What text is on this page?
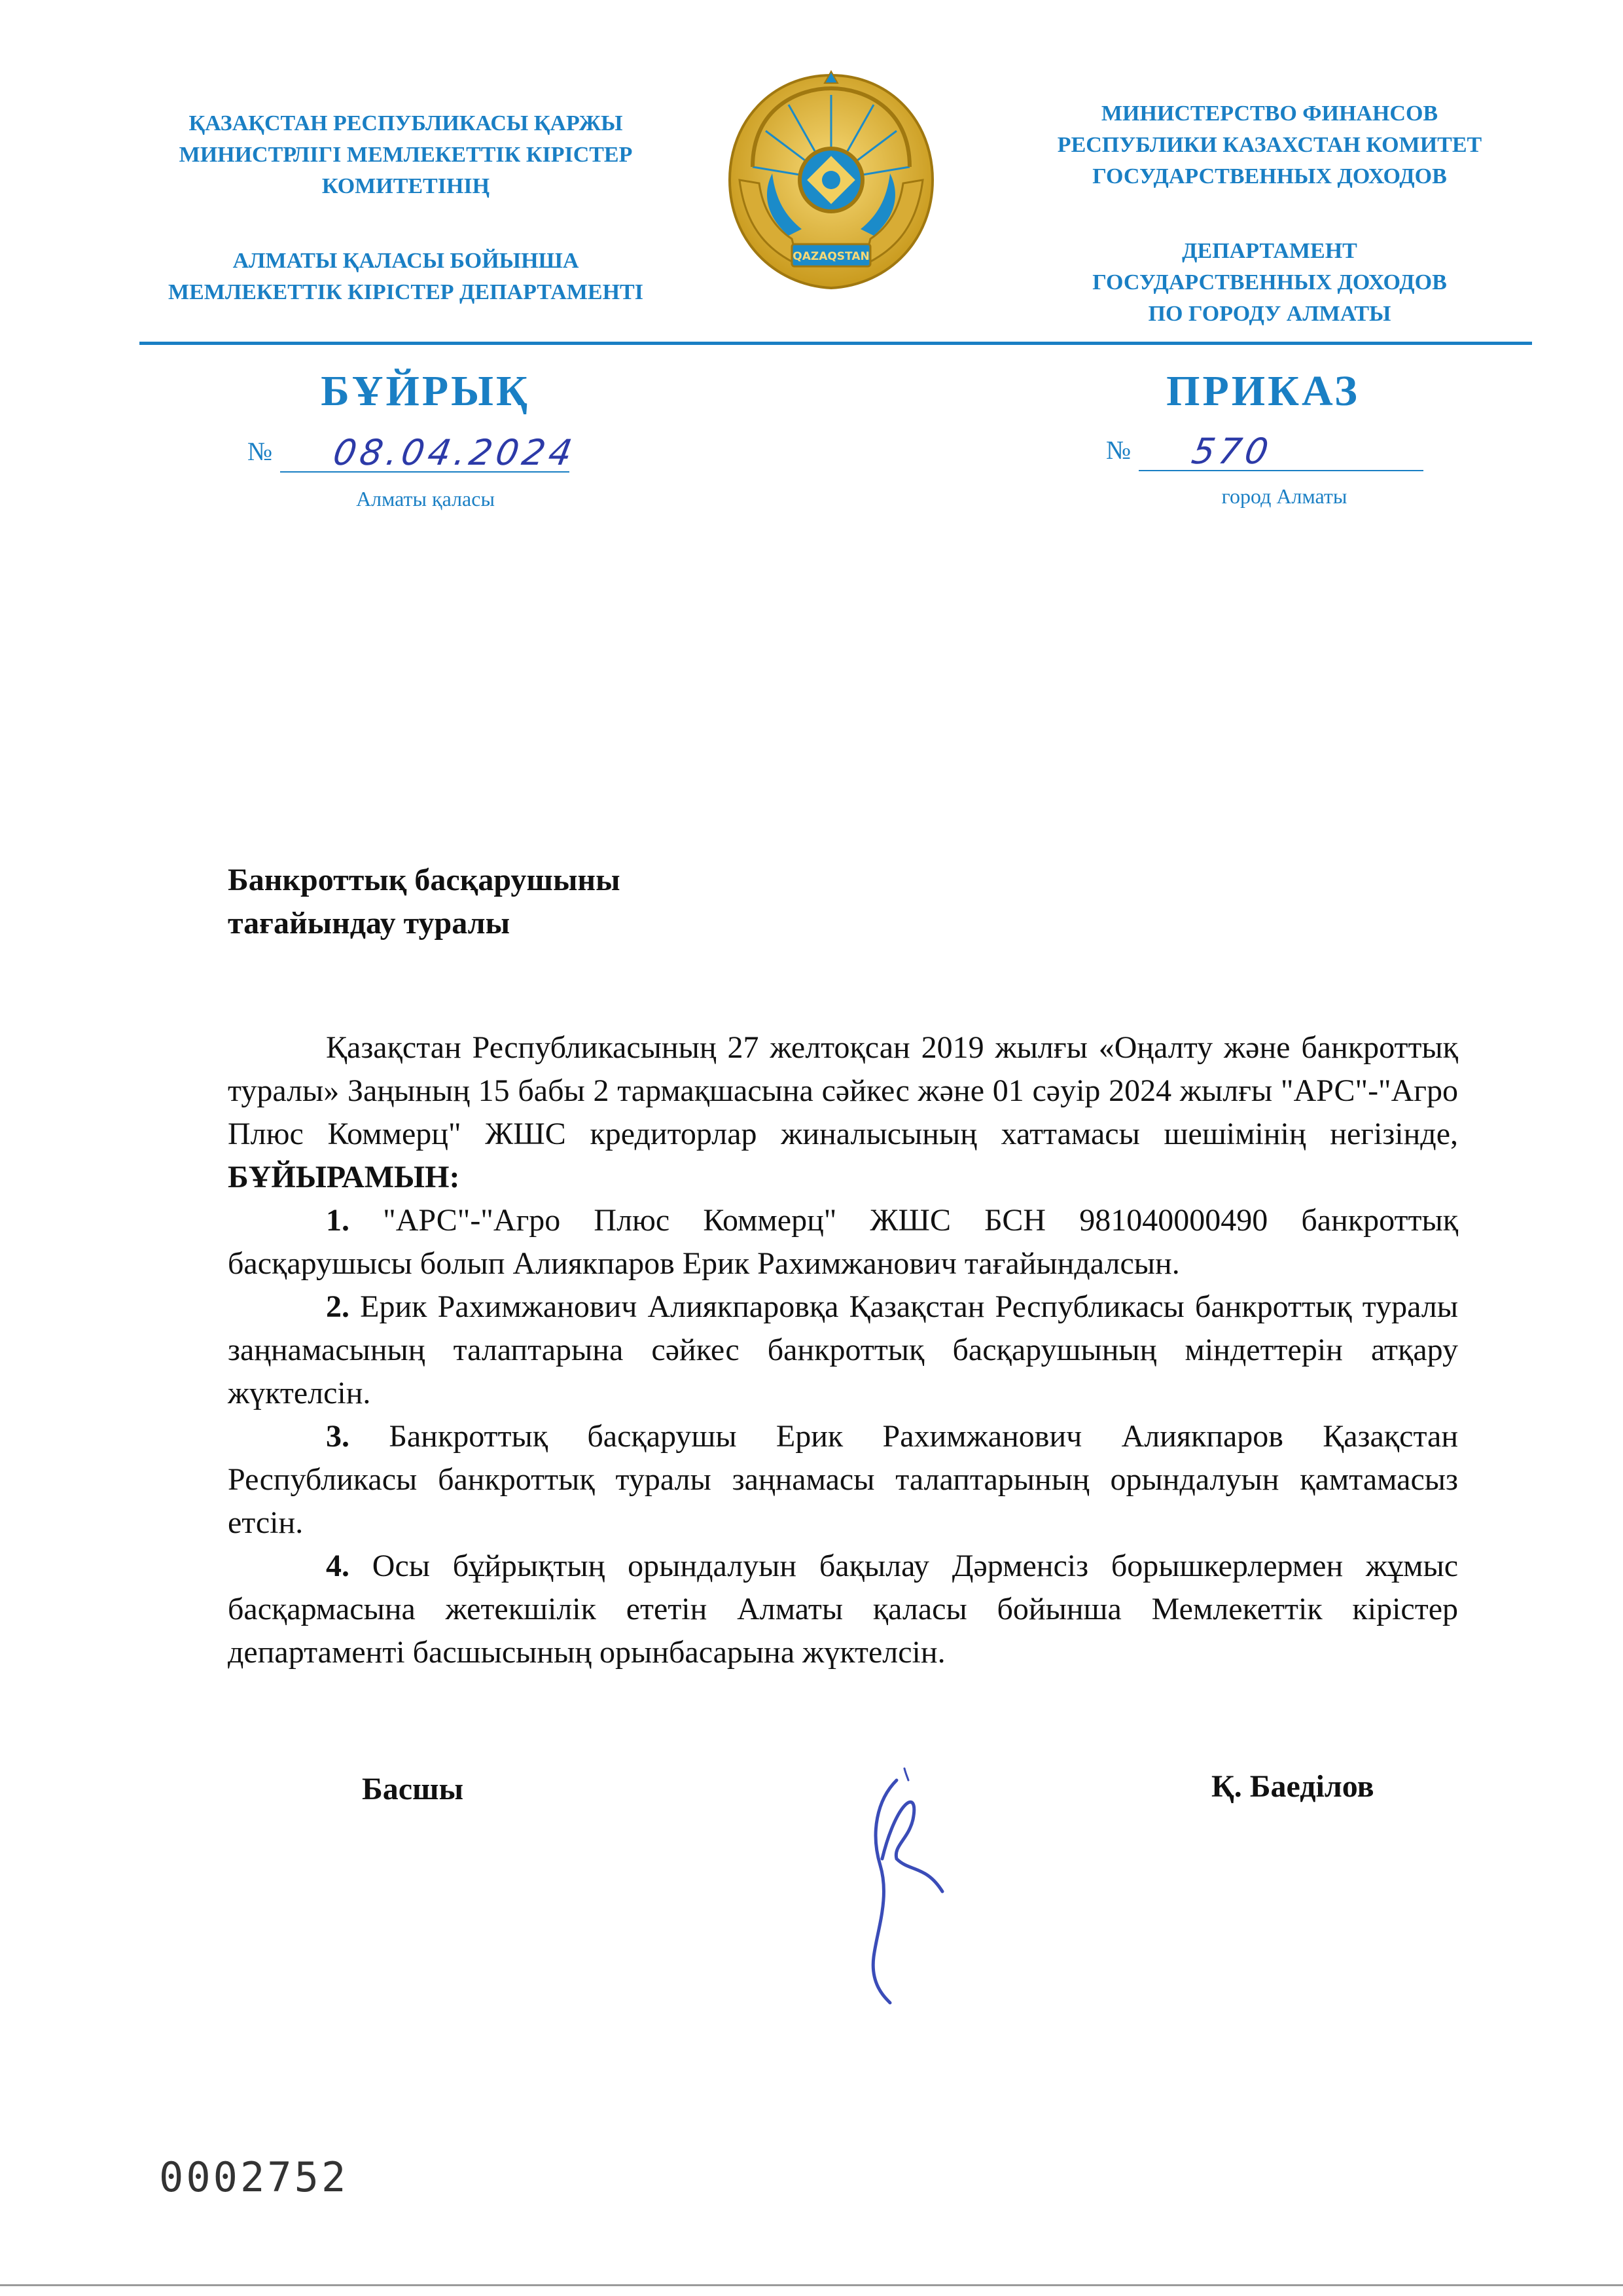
ҚАЗАҚСТАН РЕСПУБЛИКАСЫ ҚАРЖЫ
МИНИСТРЛІГІ МЕМЛЕКЕТТІК КІРІСТЕР
КОМИТЕТІНІҢ
АЛМАТЫ ҚАЛАСЫ БОЙЫНША
МЕМЛЕКЕТТІК КІРІСТЕР ДЕПАРТАМЕНТІ
QAZAQSTAN
МИНИСТЕРСТВО ФИНАНСОВ
РЕСПУБЛИКИ КАЗАХСТАН КОМИТЕТ
ГОСУДАРСТВЕННЫХ ДОХОДОВ
ДЕПАРТАМЕНТ
ГОСУДАРСТВЕННЫХ ДОХОДОВ
ПО ГОРОДУ АЛМАТЫ
БҰЙРЫҚ	ПРИКАЗ
№ 08.04.2024
Алматы қаласы
№ 570
город Алматы
Банкроттық басқарушыны
тағайындау туралы

Қазақстан Республикасының 27 желтоқсан 2019 жылғы «Оңалту және банкроттық туралы» Заңының 15 бабы 2 тармақшасына сәйкес және 01 сәуір 2024 жылғы "АРС"-"Агро Плюс Коммерц" ЖШС кредиторлар жиналысының хаттамасы шешімінің негізінде, БҰЙЫРАМЫН:

1. "АРС"-"Агро Плюс Коммерц" ЖШС БСН 981040000490 банкроттық басқарушысы болып Алиякпаров Ерик Рахимжанович тағайындалсын.

2. Ерик Рахимжанович Алиякпаровқа Қазақстан Республикасы банкроттық туралы заңнамасының талаптарына сәйкес банкроттық басқарушының міндеттерін атқару жүктелсін.

3. Банкроттық басқарушы Ерик Рахимжанович Алиякпаров Қазақстан Республикасы банкроттық туралы заңнамасы талаптарының орындалуын қамтамасыз етсін.

4. Осы бұйрықтың орындалуын бақылау Дәрменсіз борышкерлермен жұмыс басқармасына жетекшілік ететін Алматы қаласы бойынша Мемлекеттік кірістер департаменті басшысының орынбасарына жүктелсін.

Басшы	Қ. Баеділов
0002752
